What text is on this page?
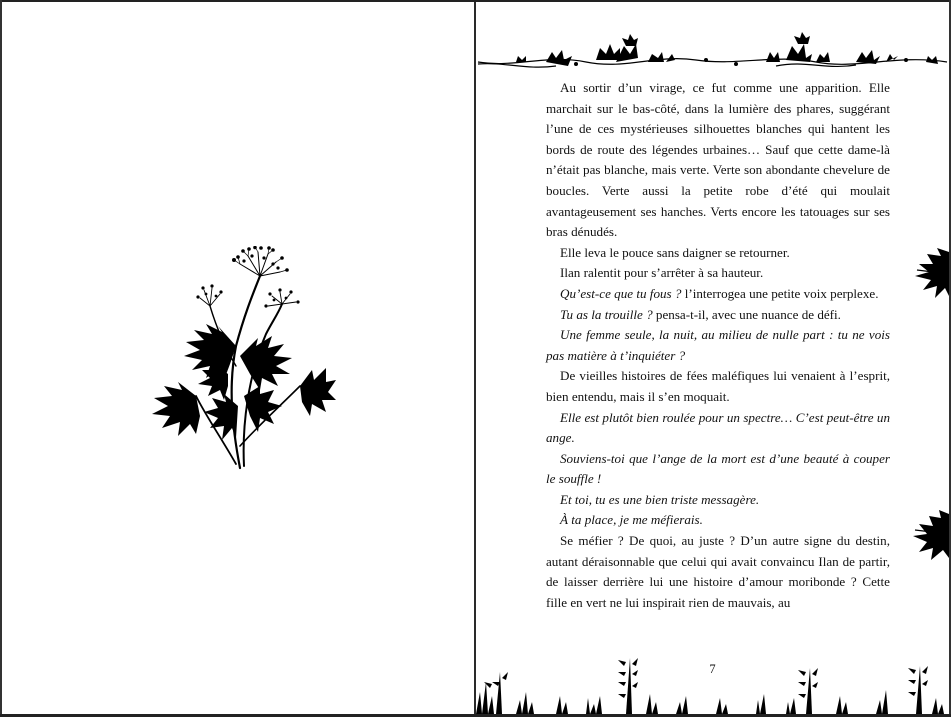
Au sortir d’un virage, ce fut comme une apparition. Elle marchait sur le bas-côté, dans la lumière des phares, suggérant l’une de ces mystérieuses silhouettes blanches qui hantent les bords de route des légendes urbaines… Sauf que cette dame-là n’était pas blanche, mais verte. Verte son abondante chevelure de boucles. Verte aussi la petite robe d’été qui moulait avantageusement ses hanches. Verts encore les tatouages sur ses bras dénudés.

Elle leva le pouce sans daigner se retourner.

Ilan ralentit pour s’arrêter à sa hauteur.

Qu’est-ce que tu fous ? l’interrogea une petite voix perplexe.

Tu as la trouille ? pensa-t-il, avec une nuance de défi.

Une femme seule, la nuit, au milieu de nulle part : tu ne vois pas matière à t’inquiéter ?

De vieilles histoires de fées maléfiques lui venaient à l’esprit, bien entendu, mais il s’en moquait.

Elle est plutôt bien roulée pour un spectre… C’est peut-être un ange.

Souviens-toi que l’ange de la mort est d’une beauté à couper le souffle !

Et toi, tu es une bien triste messagère.

À ta place, je me méfierais.

Se méfier ? De quoi, au juste ? D’un autre signe du destin, autant déraisonnable que celui qui avait convaincu Ilan de partir, de laisser derrière lui une histoire d’amour moribonde ? Cette fille en vert ne lui inspirait rien de mauvais, au

7
